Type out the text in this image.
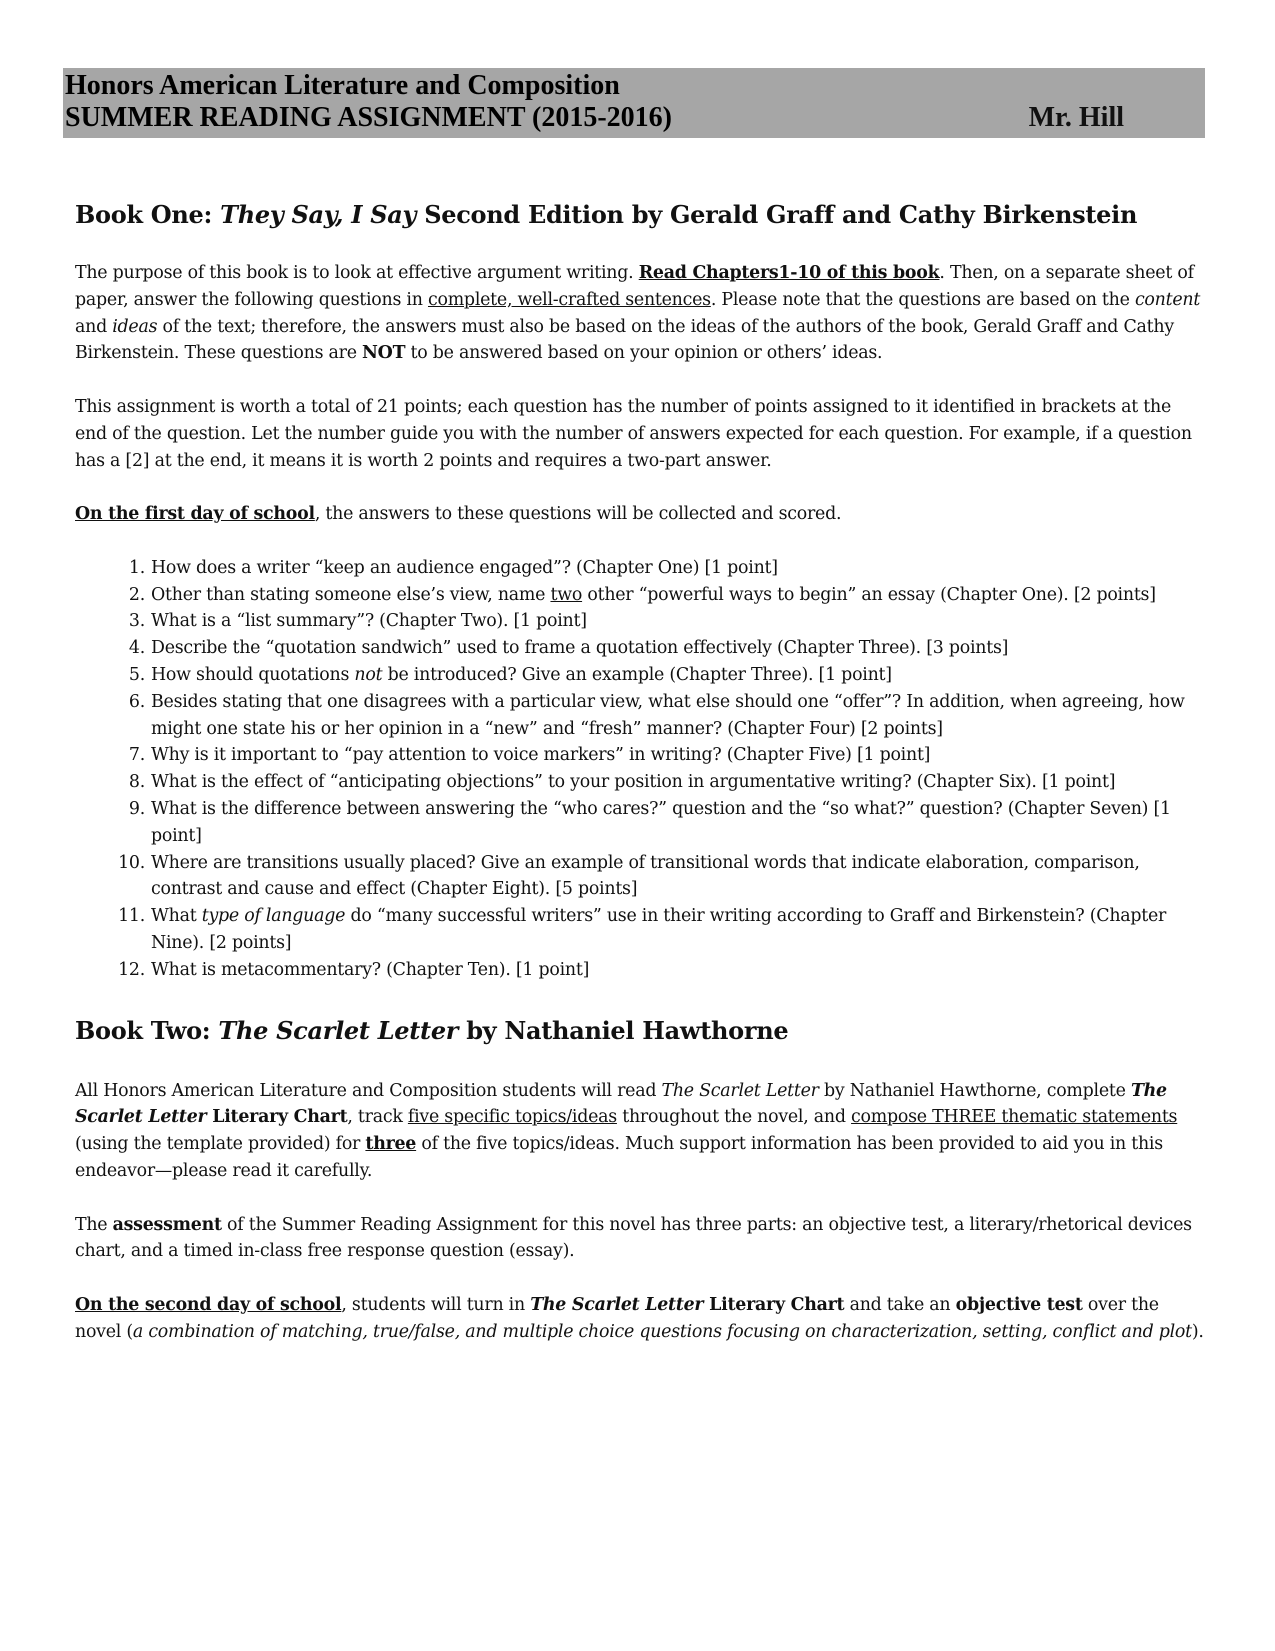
Honors American Literature and Composition
SUMMER READING ASSIGNMENT (2015-2016)	Mr. Hill
Book One: They Say, I Say Second Edition by Gerald Graff and Cathy Birkenstein

The purpose of this book is to look at effective argument writing. Read Chapters1-10 of this book. Then, on a separate sheet of paper, answer the following questions in complete, well-crafted sentences. Please note that the questions are based on the content and ideas of the text; therefore, the answers must also be based on the ideas of the authors of the book, Gerald Graff and Cathy Birkenstein. These questions are NOT to be answered based on your opinion or others’ ideas.

This assignment is worth a total of 21 points; each question has the number of points assigned to it identified in brackets at the end of the question. Let the number guide you with the number of answers expected for each question. For example, if a question has a [2] at the end, it means it is worth 2 points and requires a two-part answer.

On the first day of school, the answers to these questions will be collected and scored.

1. How does a writer “keep an audience engaged”? (Chapter One) [1 point]
2. Other than stating someone else’s view, name two other “powerful ways to begin” an essay (Chapter One). [2 points]
3. What is a “list summary”? (Chapter Two). [1 point]
4. Describe the “quotation sandwich” used to frame a quotation effectively (Chapter Three). [3 points]
5. How should quotations not be introduced? Give an example (Chapter Three). [1 point]
6. Besides stating that one disagrees with a particular view, what else should one “offer”? In addition, when agreeing, how might one state his or her opinion in a “new” and “fresh” manner? (Chapter Four) [2 points]
7. Why is it important to “pay attention to voice markers” in writing? (Chapter Five) [1 point]
8. What is the effect of “anticipating objections” to your position in argumentative writing? (Chapter Six). [1 point]
9. What is the difference between answering the “who cares?” question and the “so what?” question? (Chapter Seven) [1 point]
10. Where are transitions usually placed? Give an example of transitional words that indicate elaboration, comparison, contrast and cause and effect (Chapter Eight). [5 points]
11. What type of language do “many successful writers” use in their writing according to Graff and Birkenstein? (Chapter Nine). [2 points]
12. What is metacommentary? (Chapter Ten). [1 point]
Book Two: The Scarlet Letter by Nathaniel Hawthorne

All Honors American Literature and Composition students will read The Scarlet Letter by Nathaniel Hawthorne, complete The Scarlet Letter Literary Chart, track five specific topics/ideas throughout the novel, and compose THREE thematic statements (using the template provided) for three of the five topics/ideas. Much support information has been provided to aid you in this endeavor—please read it carefully.

The assessment of the Summer Reading Assignment for this novel has three parts: an objective test, a literary/rhetorical devices chart, and a timed in-class free response question (essay).

On the second day of school, students will turn in The Scarlet Letter Literary Chart and take an objective test over the novel (a combination of matching, true/false, and multiple choice questions focusing on characterization, setting, conflict and plot).
